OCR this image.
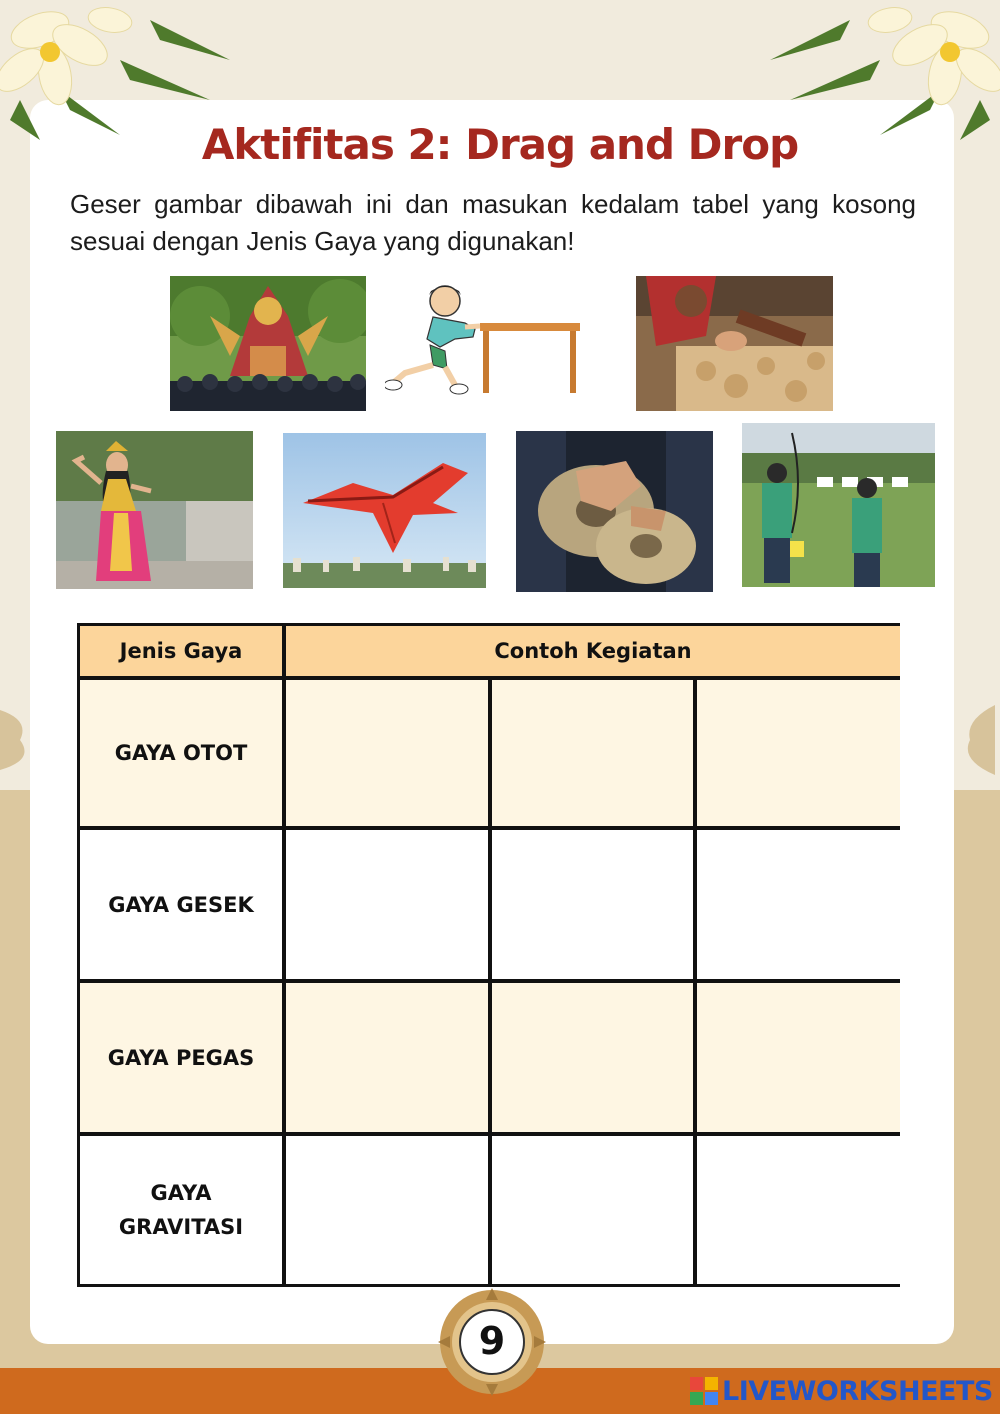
Aktifitas 2: Drag and Drop
Geser gambar dibawah ini dan masukan kedalam tabel yang kosong sesuai dengan Jenis Gaya yang digunakan!
Jenis Gaya	Contoh Kegiatan
GAYA OTOT
GAYA GESEK
GAYA PEGAS
GAYA GRAVITASI
9
LIVEWORKSHEETS
